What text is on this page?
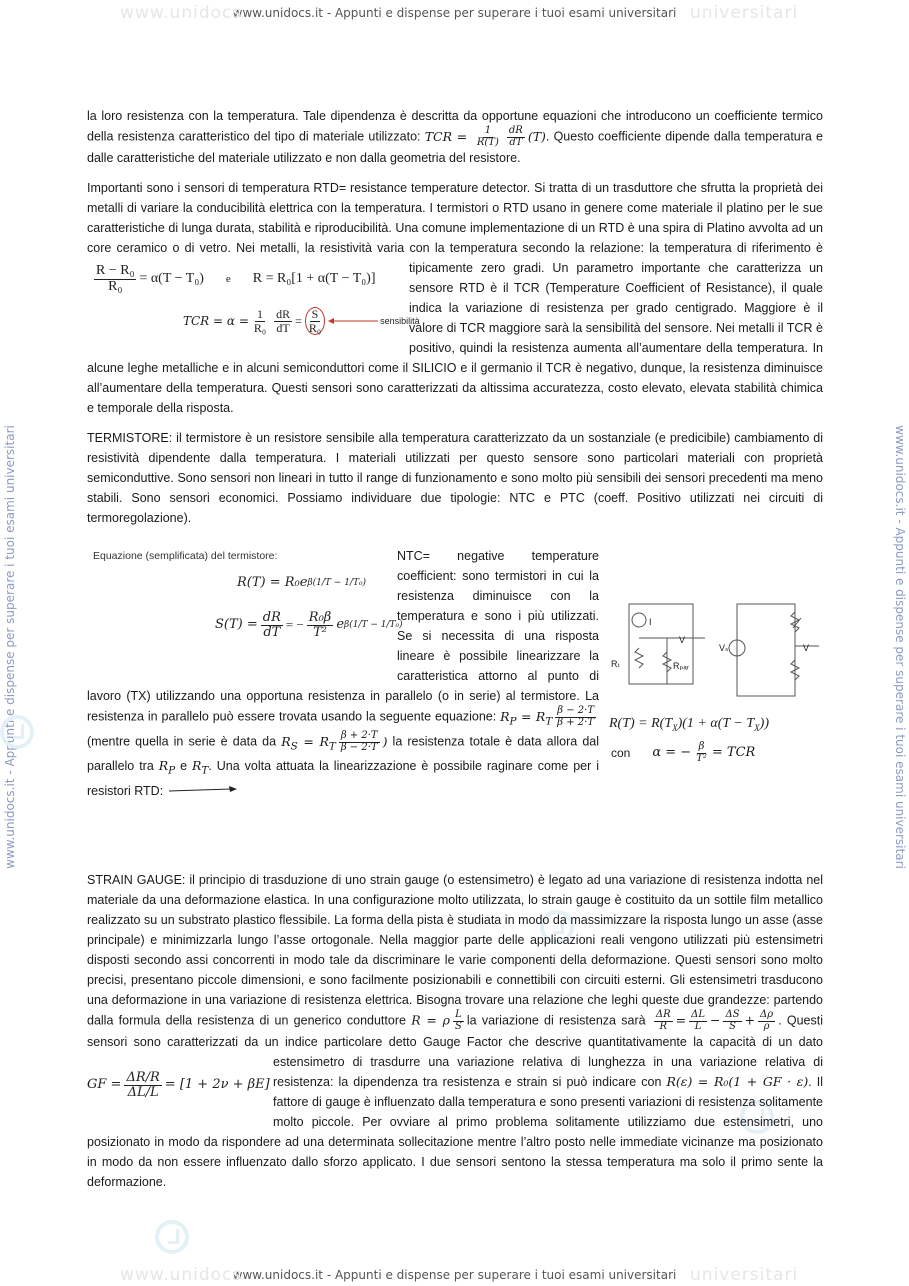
www.unidocs.it - Appunti e dispense per superare i tuoi esami universitari
www.unidocs.it - Appunti e dispense per superare i tuoi esami universitari
www.unidocs	universitari
www.unidocs	universitari
www.unidocs.it - Appunti e dispense per superare i tuoi esami universitari	www.unidocs.it - Appunti e dispense per superare i tuoi esami universitari

la loro resistenza con la temperatura. Tale dipendenza è descritta da opportune equazioni che introducono un coefficiente termico della resistenza caratteristico del tipo di materiale utilizzato: TCR = $\frac{1}{R(T)} \frac{dR}{dT} (T)$. Questo coefficiente dipende dalla temperatura e dalle caratteristiche del materiale utilizzato e non dalla geometria del resistore.

Importanti sono i sensori di temperatura RTD= resistance temperature detector. Si tratta di un trasduttore che sfrutta la proprietà dei metalli di variare la conducibilità elettrica con la temperatura. I termistori o RTD usano in genere come materiale il platino per le sue caratteristiche di lunga durata, stabilità e riproducibilità. Una comune implementazione di un RTD è una spira di Platino avvolta ad un core ceramico o di vetro. Nei metalli, la resistività varia con la temperatura secondo la relazione: la temperatura di riferimento è tipicamente zero gradi. Un parametro importante che caratterizza
$\frac{\text{R − R₀}}{\text{R₀}} = \alpha(T - T_0)$ e R = R₀[1 + α(T − T₀)]
TCR = $\alpha = \frac{1}{\text{R₀}} \frac{dR}{dT} = \frac{S}{\text{R₀}}$	sensibilità
un sensore RTD è il TCR (Temperature Coefficient of Resistance), il quale indica la variazione di resistenza per grado centigrado. Maggiore è il valore di TCR maggiore sarà la sensibilità del sensore. Nei metalli il TCR è positivo, quindi la resistenza aumenta all’aumentare della temperatura. In alcune leghe metalliche e in alcuni semiconduttori come il SILICIO e il germanio il TCR è negativo, dunque, la resistenza diminuisce all’aumentare della temperatura. Questi sensori sono caratterizzati da altissima accuratezza, costo elevato, elevata stabilità chimica e temporale della risposta.

TERMISTORE: il termistore è un resistore sensibile alla temperatura caratterizzato da un sostanziale (e predicibile) cambiamento di resistività dipendente dalla temperatura. I materiali utilizzati per questo sensore sono particolari materiali con proprietà semiconduttive. Sono sensori non lineari in tutto il range di funzionamento e sono molto più sensibili dei sensori precedenti ma meno stabili. Sono sensori economici. Possiamo individuare due tipologie: NTC e PTC (coeff. Positivo utilizzati nei circuiti di termoregolazione).

Equazione (semplificata) del termistore:
R(T) = R₀e β(1/T − 1/T₀)
$S(T) = \frac{dR}{dT}$ = − $\frac{\text{R₀β}}{\text{T²}}$ e β(1/T − 1/T₀)	I
V
Rₜ	Rₚₐᵣ
Vₛ	V
$R(T) = R(T_X)(1 + \alpha(T - T_X))$
con α = − $\frac{\beta}{\text{T²}}$ = TCR
NTC= negative temperature coefficient: sono termistori in cui la resistenza diminuisce con la temperatura e sono i più utilizzati. Se si necessita di una risposta lineare è possibile linearizzare la caratteristica attorno al punto di lavoro (TX) utilizzando una opportuna resistenza in parallelo (o in serie) al termistore. La resistenza in parallelo può essere trovata usando la seguente equazione: $R_P = R_T \frac{\beta - 2\cdot T}{\beta + 2\cdot T}$
(mentre quella in serie è data da $R_S = R_T \frac{\beta + 2\cdot T}{\beta - 2\cdot T}$ ) la resistenza totale è data allora dal parallelo tra $R_P$ e $R_T$. Una volta attuata la linearizzazione è possibile raginare come per i resistori RTD:
STRAIN GAUGE: il principio di trasduzione di uno strain gauge (o estensimetro) è legato ad una variazione di resistenza indotta nel materiale da una deformazione elastica. In una configurazione molto utilizzata, lo strain gauge è costituito da un sottile film metallico realizzato su un substrato plastico flessibile. La forma della pista è studiata in modo da massimizzare la risposta lungo un asse (asse principale) e minimizzarla lungo l’asse ortogonale. Nella maggior parte delle applicazioni reali vengono utilizzati più estensimetri disposti secondo assi concorrenti in modo tale da discriminare le varie componenti della deformazione. Questi sensori sono molto precisi, presentano piccole dimensioni, e sono facilmente posizionabili e connettibili con circuiti esterni. Gli estensimetri trasducono una deformazione in una variazione di resistenza elettrica. Bisogna trovare una relazione che leghi queste due grandezze: partendo dalla formula della resistenza di un generico conduttore R = ρ $\frac{L}{S}$ la variazione di resistenza sarà $\frac{\Delta R}{R} = \frac{\Delta L}{L} - \frac{\Delta S}{S} + \frac{\Delta\rho}{\rho}$ . Questi sensori sono caratterizzati da un indice particolare detto Gauge Factor che descrive quantitativamente la capacità di un dato
GF = $\frac{\Delta R/R}{\Delta L/L} = [1 + 2\nu + \beta E]$
estensimetro di trasdurre una variazione relativa di lunghezza in una variazione relativa di resistenza: la dipendenza tra resistenza e strain si può indicare con R(ε) = R₀(1 + GF · ε). Il fattore di gauge è influenzato dalla temperatura e sono presenti variazioni di resistenza solitamente molto piccole. Per ovviare al primo problema solitamente utilizziamo due estensimetri, uno posizionato in modo da rispondere ad una determinata sollecitazione mentre l’altro posto nelle immediate vicinanze ma posizionato in modo da non essere influenzato dallo sforzo applicato. I due sensori sentono la stessa temperatura ma solo il primo sente la deformazione.
